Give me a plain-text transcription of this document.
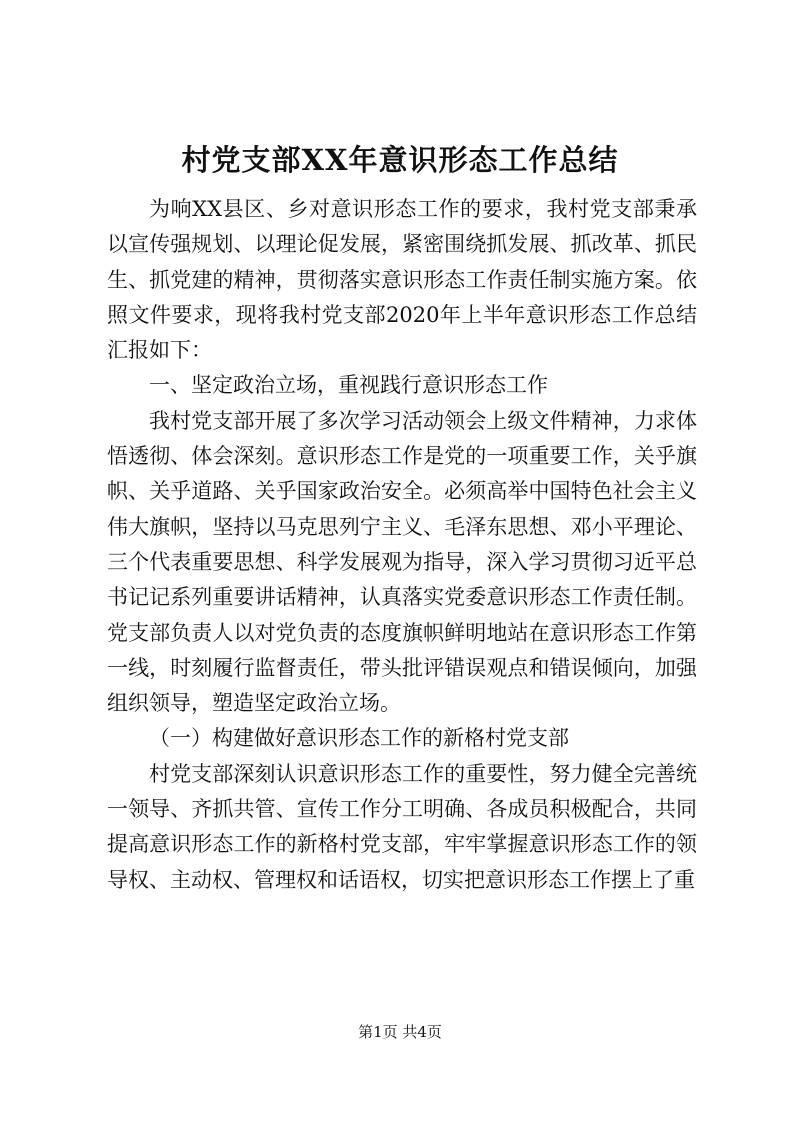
村党支部XX年意识形态工作总结

为响XX县区、乡对意识形态工作的要求，我村党支部秉承以宣传强规划、以理论促发展，紧密围绕抓发展、抓改革、抓民生、抓党建的精神，贯彻落实意识形态工作责任制实施方案。依照文件要求，现将我村党支部2020年上半年意识形态工作总结汇报如下：

一、坚定政治立场，重视践行意识形态工作

我村党支部开展了多次学习活动领会上级文件精神，力求体悟透彻、体会深刻。意识形态工作是党的一项重要工作，关乎旗帜、关乎道路、关乎国家政治安全。必须高举中国特色社会主义伟大旗帜，坚持以马克思列宁主义、毛泽东思想、邓小平理论、三个代表重要思想、科学发展观为指导，深入学习贯彻习近平总书记记系列重要讲话精神，认真落实党委意识形态工作责任制。党支部负责人以对党负责的态度旗帜鲜明地站在意识形态工作第一线，时刻履行监督责任，带头批评错误观点和错误倾向，加强组织领导，塑造坚定政治立场。

（一）构建做好意识形态工作的新格村党支部

村党支部深刻认识意识形态工作的重要性，努力健全完善统一领导、齐抓共管、宣传工作分工明确、各成员积极配合，共同提高意识形态工作的新格村党支部，牢牢掌握意识形态工作的领导权、主动权、管理权和话语权，切实把意识形态工作摆上了重

第1页 共4页
